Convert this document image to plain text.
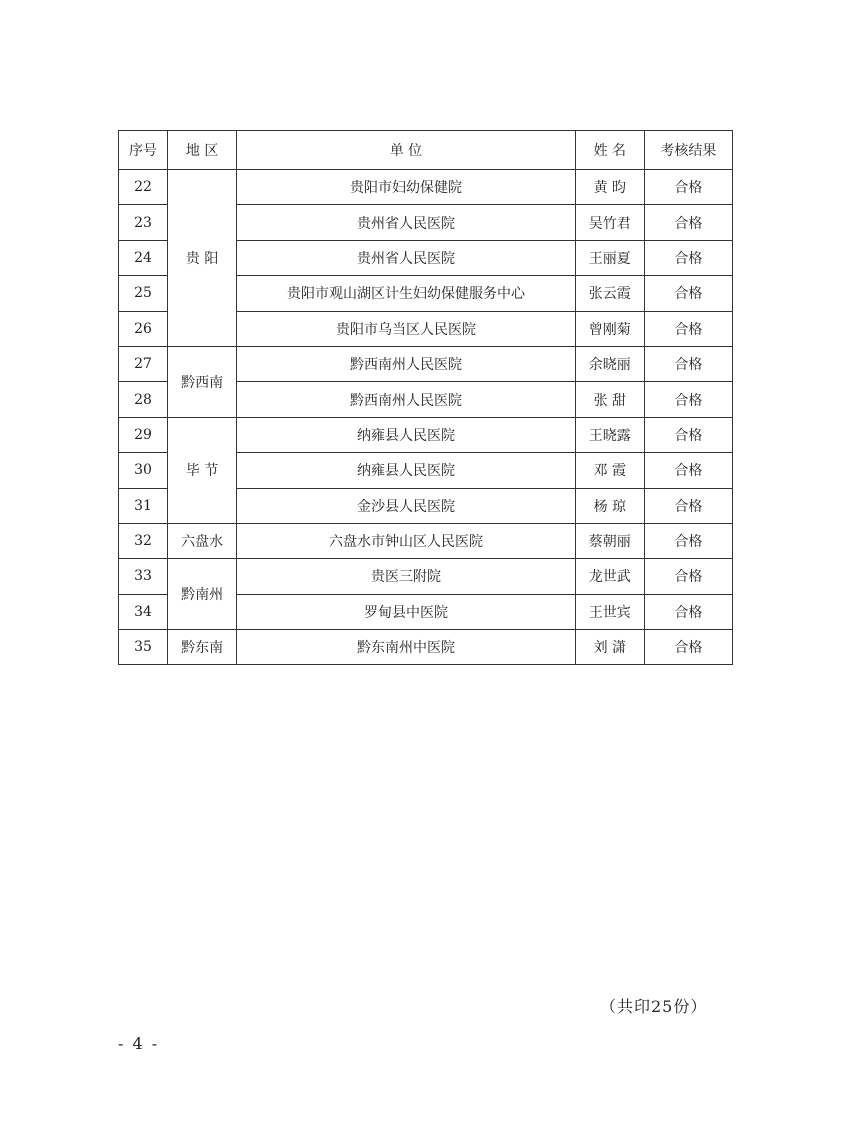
序号	地 区	单 位	姓 名	考核结果
22	贵 阳	贵阳市妇幼保健院	黄 昀	合格
23		贵州省人民医院	吴竹君	合格
24		贵州省人民医院	王丽夏	合格
25		贵阳市观山湖区计生妇幼保健服务中心	张云霞	合格
26		贵阳市乌当区人民医院	曾刚菊	合格
27	黔西南	黔西南州人民医院	余晓丽	合格
28		黔西南州人民医院	张 甜	合格
29	毕 节	纳雍县人民医院	王晓露	合格
30		纳雍县人民医院	邓 霞	合格
31		金沙县人民医院	杨 琼	合格
32	六盘水	六盘水市钟山区人民医院	蔡朝丽	合格
33	黔南州	贵医三附院	龙世武	合格
34		罗甸县中医院	王世宾	合格
35	黔东南	黔东南州中医院	刘 潇	合格
（共印25份）
- 4 -
